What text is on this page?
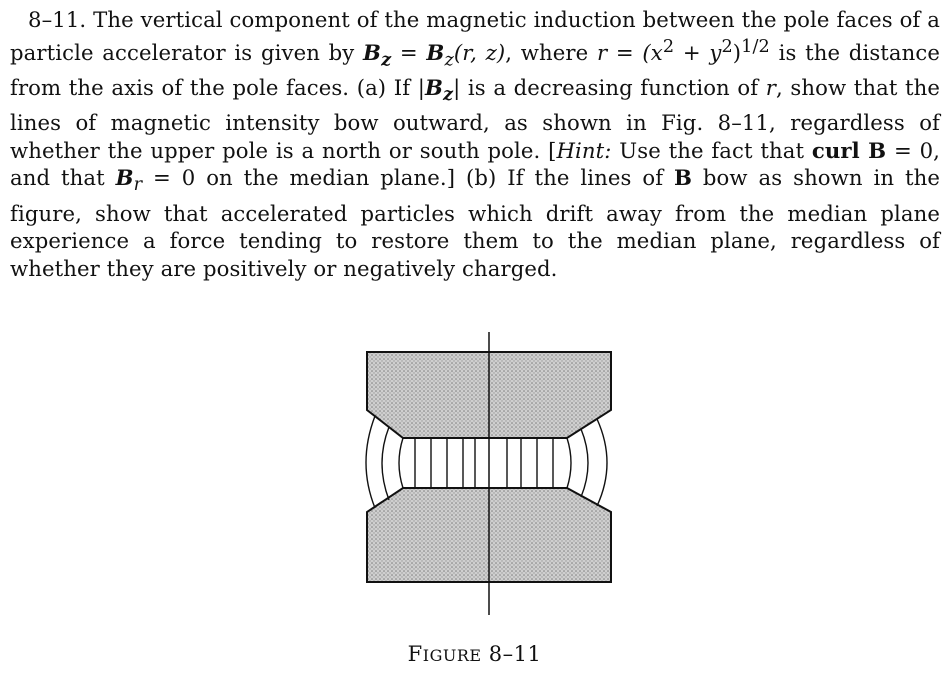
8–11. The vertical component of the magnetic induction between the pole faces of a particle accelerator is given by $B_z = B_z(r$, z), where $r = (x^2 + y^2)^{1/2}$ is the distance from the axis of the pole faces. (a) If $|B_z|$ is a decreasing function of r, show that the lines of magnetic intensity bow outward, as shown in Fig. 8–11, regardless of whether the upper pole is a north or south pole. [Hint: Use the fact that curl B = 0, and that $B_r = 0$ on the median plane.] (b) If the lines of B bow as shown in the figure, show that accelerated particles which drift away from the median plane experience a force tending to restore them to the median plane, regardless of whether they are positively or negatively charged.
FIGURE 8–11
